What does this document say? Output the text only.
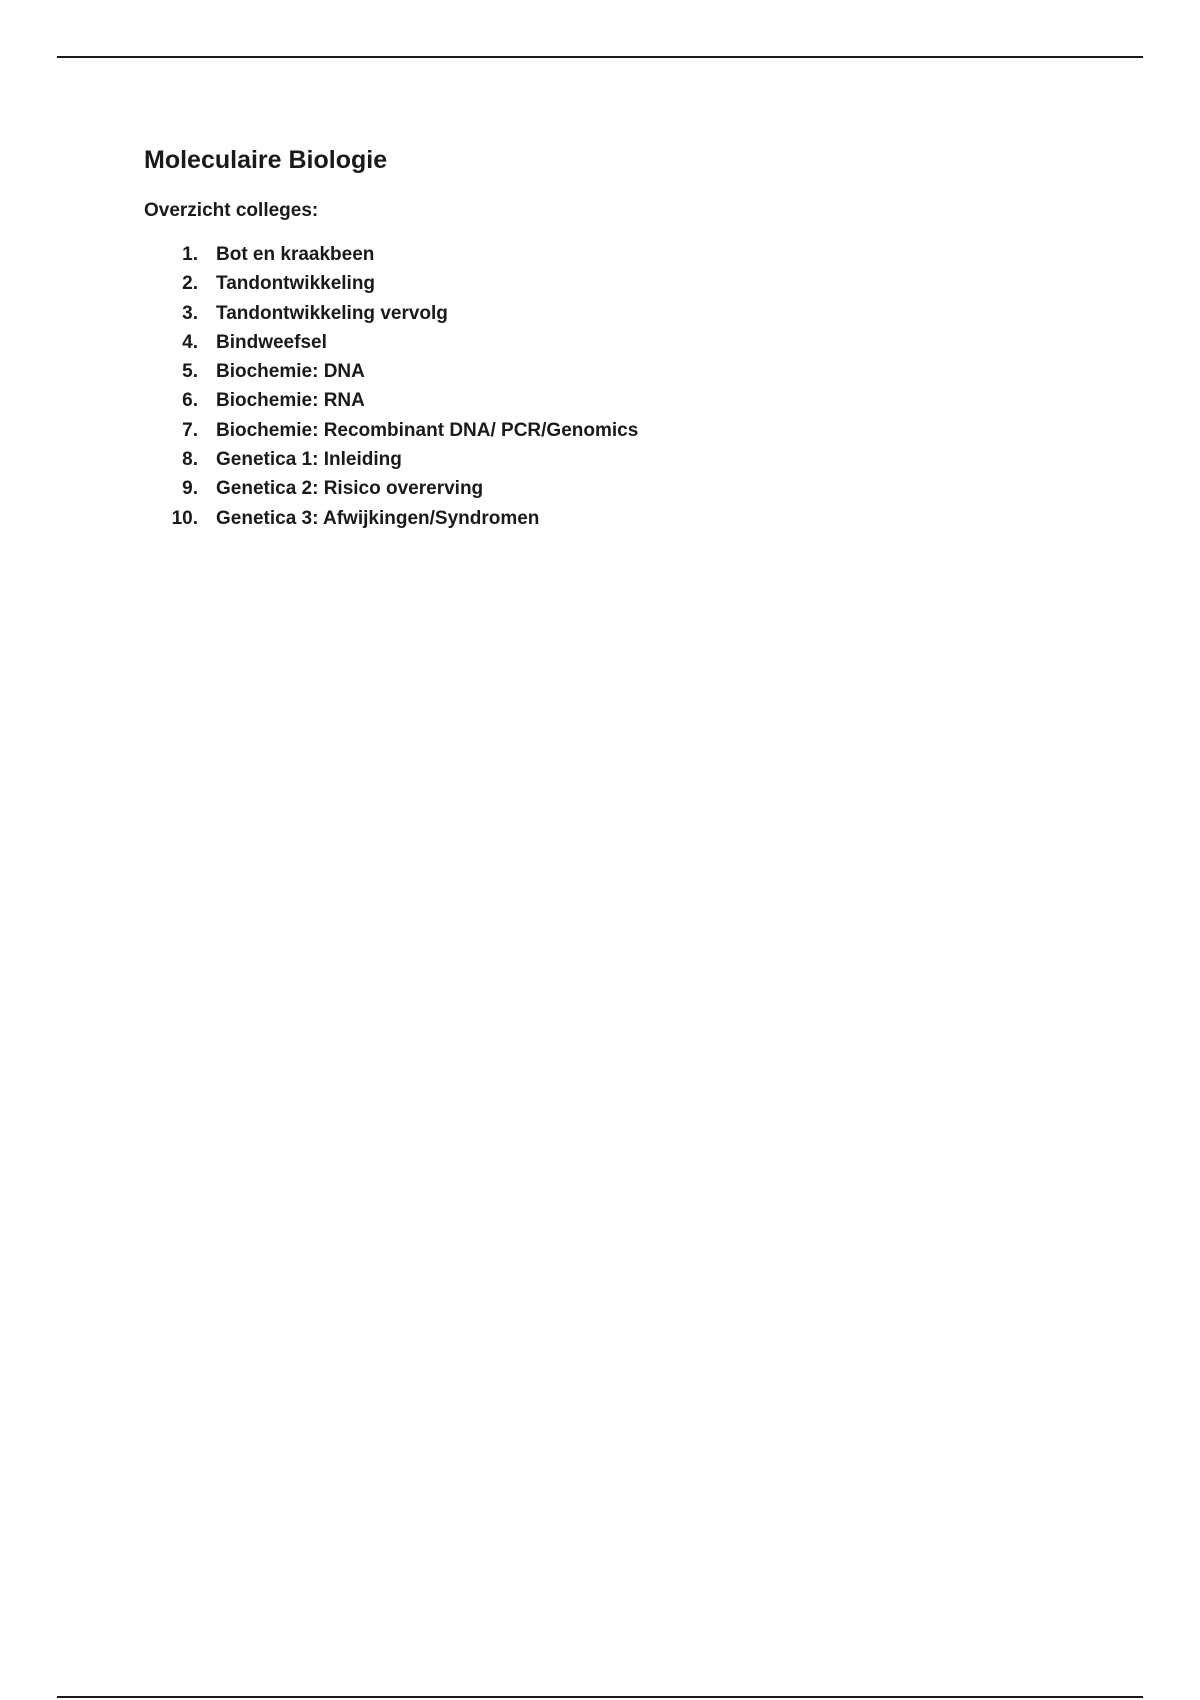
Moleculaire Biologie

Overzicht colleges:

1. Bot en kraakbeen
2. Tandontwikkeling
3. Tandontwikkeling vervolg
4. Bindweefsel
5. Biochemie: DNA
6. Biochemie: RNA
7. Biochemie: Recombinant DNA/ PCR/Genomics
8. Genetica 1: Inleiding
9. Genetica 2: Risico overerving
10. Genetica 3: Afwijkingen/Syndromen
